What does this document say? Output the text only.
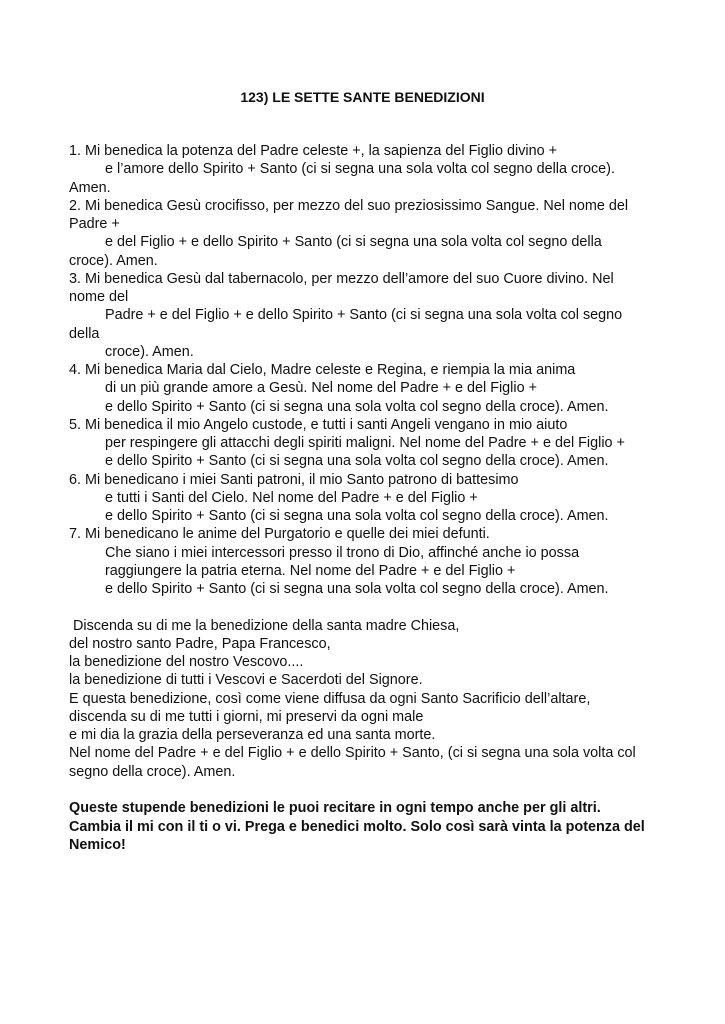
123) LE SETTE SANTE BENEDIZIONI
1. Mi benedica la potenza del Padre celeste +, la sapienza del Figlio divino +
e l’amore dello Spirito + Santo (ci si segna una sola volta col segno della croce).
Amen.
2. Mi benedica Gesù crocifisso, per mezzo del suo preziosissimo Sangue. Nel nome del
Padre +
e del Figlio + e dello Spirito + Santo (ci si segna una sola volta col segno della
croce). Amen.
3. Mi benedica Gesù dal tabernacolo, per mezzo dell’amore del suo Cuore divino. Nel
nome del
Padre + e del Figlio + e dello Spirito + Santo (ci si segna una sola volta col segno
della
croce). Amen.
4. Mi benedica Maria dal Cielo, Madre celeste e Regina, e riempia la mia anima
di un più grande amore a Gesù. Nel nome del Padre + e del Figlio +
e dello Spirito + Santo (ci si segna una sola volta col segno della croce). Amen.
5. Mi benedica il mio Angelo custode, e tutti i santi Angeli vengano in mio aiuto
per respingere gli attacchi degli spiriti maligni. Nel nome del Padre + e del Figlio +
e dello Spirito + Santo (ci si segna una sola volta col segno della croce). Amen.
6. Mi benedicano i miei Santi patroni, il mio Santo patrono di battesimo
e tutti i Santi del Cielo. Nel nome del Padre + e del Figlio +
e dello Spirito + Santo (ci si segna una sola volta col segno della croce). Amen.
7. Mi benedicano le anime del Purgatorio e quelle dei miei defunti.
Che siano i miei intercessori presso il trono di Dio, affinché anche io possa
raggiungere la patria eterna. Nel nome del Padre + e del Figlio +
e dello Spirito + Santo (ci si segna una sola volta col segno della croce). Amen.
Discenda su di me la benedizione della santa madre Chiesa,
del nostro santo Padre, Papa Francesco,
la benedizione del nostro Vescovo....
la benedizione di tutti i Vescovi e Sacerdoti del Signore.
E questa benedizione, così come viene diffusa da ogni Santo Sacrificio dell’altare,
discenda su di me tutti i giorni, mi preservi da ogni male
e mi dia la grazia della perseveranza ed una santa morte.
Nel nome del Padre + e del Figlio + e dello Spirito + Santo, (ci si segna una sola volta col
segno della croce). Amen.
Queste stupende benedizioni le puoi recitare in ogni tempo anche per gli altri.
Cambia il mi con il ti o vi. Prega e benedici molto. Solo così sarà vinta la potenza del
Nemico!
